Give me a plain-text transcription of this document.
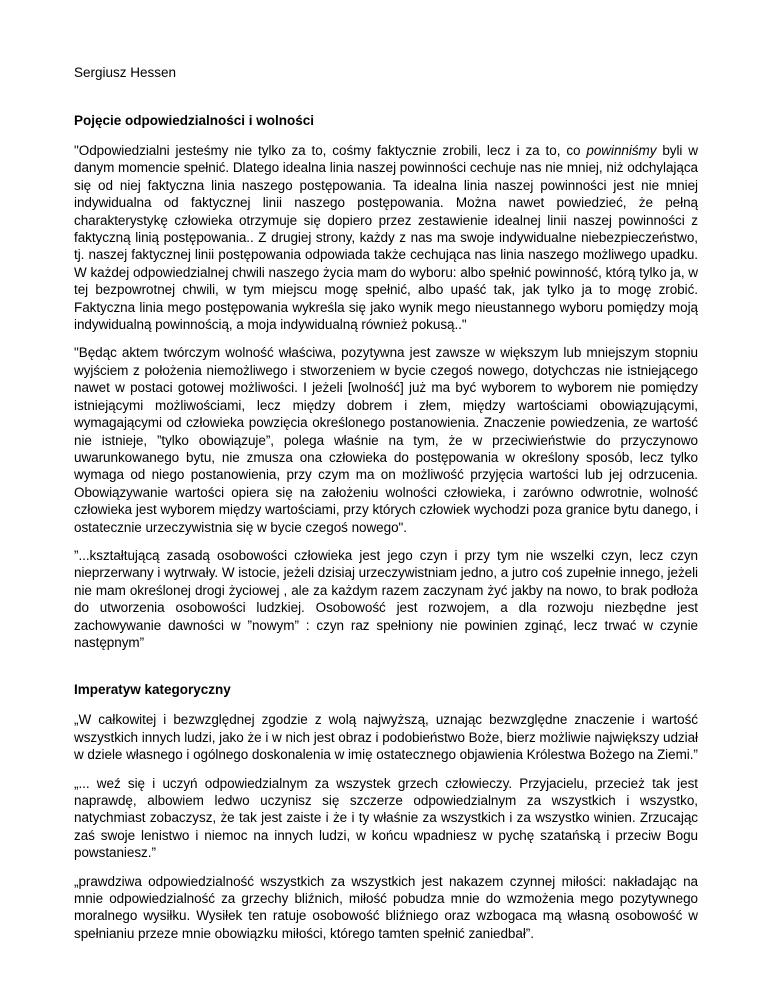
Sergiusz Hessen

Pojęcie odpowiedzialności i wolności

"Odpowiedzialni jesteśmy nie tylko za to, cośmy faktycznie zrobili, lecz i za to, co powinniśmy byli w danym momencie spełnić. Dlatego idealna linia naszej powinności cechuje nas nie mniej, niż odchylająca się od niej faktyczna linia naszego postępowania. Ta idealna linia naszej powinności jest nie mniej indywidualna od faktycznej linii naszego postępowania. Można nawet powiedzieć, że pełną charakterystykę człowieka otrzymuje się dopiero przez zestawienie idealnej linii naszej powinności z faktyczną linią postępowania.. Z drugiej strony, każdy z nas ma swoje indywidualne niebezpieczeństwo, tj. naszej faktycznej linii postępowania odpowiada także cechująca nas linia naszego możliwego upadku. W każdej odpowiedzialnej chwili naszego życia mam do wyboru: albo spełnić powinność, którą tylko ja, w tej bezpowrotnej chwili, w tym miejscu mogę spełnić, albo upaść tak, jak tylko ja to mogę zrobić. Faktyczna linia mego postępowania wykreśla się jako wynik mego nieustannego wyboru pomiędzy moją indywidualną powinnością, a moja indywidualną również pokusą.."

"Będąc aktem twórczym wolność właściwa, pozytywna jest zawsze w większym lub mniejszym stopniu wyjściem z położenia niemożliwego i stworzeniem w bycie czegoś nowego, dotychczas nie istniejącego nawet w postaci gotowej możliwości. I jeżeli [wolność] już ma być wyborem to wyborem nie pomiędzy istniejącymi możliwościami, lecz między dobrem i złem, między wartościami obowiązującymi, wymagającymi od człowieka powzięcia określonego postanowienia. Znaczenie powiedzenia, ze wartość nie istnieje, ”tylko obowiązuje”, polega właśnie na tym, że w przeciwieństwie do przyczynowo uwarunkowanego bytu, nie zmusza ona człowieka do postępowania w określony sposób, lecz tylko wymaga od niego postanowienia, przy czym ma on możliwość przyjęcia wartości lub jej odrzucenia. Obowiązywanie wartości opiera się na założeniu wolności człowieka, i zarówno odwrotnie, wolność człowieka jest wyborem między wartościami, przy których człowiek wychodzi poza granice bytu danego, i ostatecznie urzeczywistnia się w bycie czegoś nowego".

”...kształtującą zasadą osobowości człowieka jest jego czyn i przy tym nie wszelki czyn, lecz czyn nieprzerwany i wytrwały. W istocie, jeżeli dzisiaj urzeczywistniam jedno, a jutro coś zupełnie innego, jeżeli nie mam określonej drogi życiowej , ale za każdym razem zaczynam żyć jakby na nowo, to brak podłoża do utworzenia osobowości ludzkiej. Osobowość jest rozwojem, a dla rozwoju niezbędne jest zachowywanie dawności w ”nowym” : czyn raz spełniony nie powinien zginąć, lecz trwać w czynie następnym”

Imperatyw kategoryczny

„W całkowitej i bezwzględnej zgodzie z wolą najwyższą, uznając bezwzględne znaczenie i wartość wszystkich innych ludzi, jako że i w nich jest obraz i podobieństwo Boże, bierz możliwie największy udział w dziele własnego i ogólnego doskonalenia w imię ostatecznego objawienia Królestwa Bożego na Ziemi.”

„... weź się i uczyń odpowiedzialnym za wszystek grzech człowieczy. Przyjacielu, przecież tak jest naprawdę, albowiem ledwo uczynisz się szczerze odpowiedzialnym za wszystkich i wszystko, natychmiast zobaczysz, że tak jest zaiste i że i ty właśnie za wszystkich i za wszystko winien. Zrzucając zaś swoje lenistwo i niemoc na innych ludzi, w końcu wpadniesz w pychę szatańską i przeciw Bogu powstaniesz.”

„prawdziwa odpowiedzialność wszystkich za wszystkich jest nakazem czynnej miłości: nakładając na mnie odpowiedzialność za grzechy bliźnich, miłość pobudza mnie do wzmożenia mego pozytywnego moralnego wysiłku. Wysiłek ten ratuje osobowość bliźniego oraz wzbogaca mą własną osobowość w spełnianiu przeze mnie obowiązku miłości, którego tamten spełnić zaniedbał”.
